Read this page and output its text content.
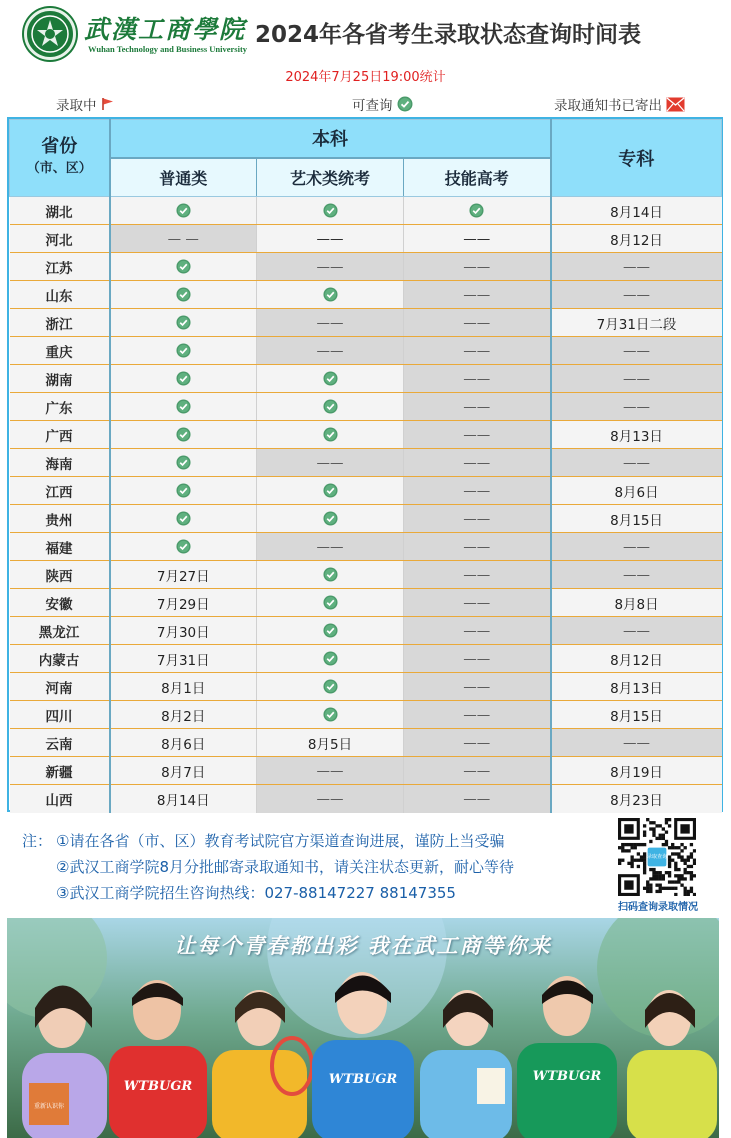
武漢工商學院
Wuhan Technology and Business University
2024年各省考生录取状态查询时间表
2024年7月25日19:00统计
录取中	可查询	录取通知书已寄出
省份
（市、区）	本科			专科
	普通类	艺术类统考	技能高考	
湖北				8月14日
河北	— —	——	——	8月12日
江苏		——	——	——
山东			——	——
浙江		——	——	7月31日二段
重庆		——	——	——
湖南			——	——
广东			——	——
广西			——	8月13日
海南		——	——	——
江西			——	8月6日
贵州			——	8月15日
福建		——	——	——
陕西	7月27日		——	——
安徽	7月29日		——	8月8日
黑龙江	7月30日		——	——
内蒙古	7月31日		——	8月12日
河南	8月1日		——	8月13日
四川	8月2日		——	8月15日
云南	8月6日	8月5日	——	——
新疆	8月7日	——	——	8月19日
山西	8月14日	——	——	8月23日
注： ①请在各省（市、区）教育考试院官方渠道查询进展，谨防上当受骗
②武汉工商学院8月分批邮寄录取通知书，请关注状态更新，耐心等待
③武汉工商学院招生咨询热线：027-88147227 88147355
录取查询
扫码查询录取情况
WTBUGR	WTBUGR	WTBUGR
重新认识你
让每个青春都出彩 我在武工商等你来
